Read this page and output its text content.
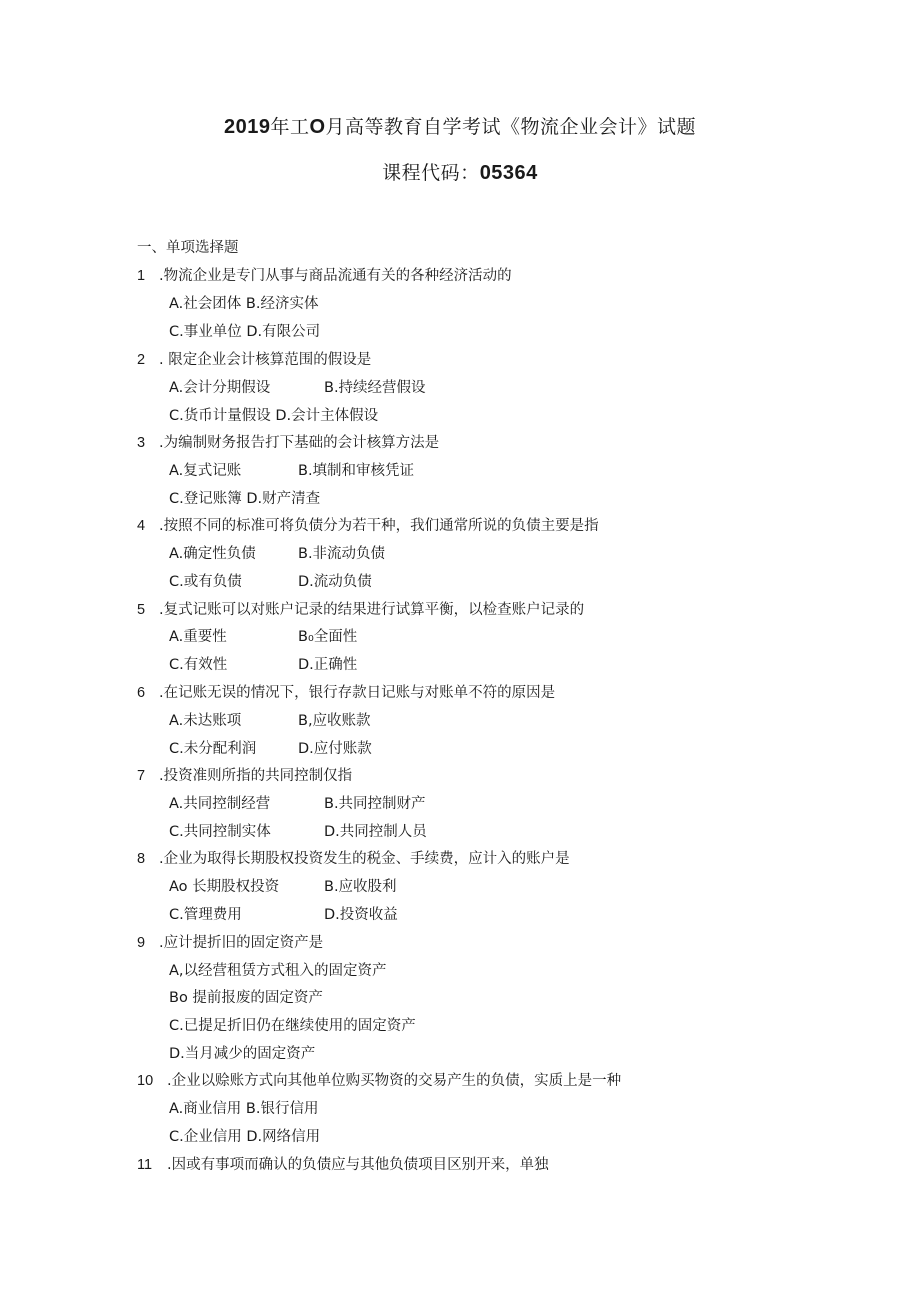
2019年工O月高等教育自学考试《物流企业会计》试题
课程代码：05364
一、单项选择题
1 .物流企业是专门从事与商品流通有关的各种经济活动的
A.社会团体 B.经济实体
C.事业单位 D.有限公司
2 . 限定企业会计核算范围的假设是
A.会计分期假设	B.持续经营假设
C.货币计量假设 D.会计主体假设
3 .为编制财务报告打下基础的会计核算方法是
A.复式记账	B.填制和审核凭证
C.登记账簿 D.财产清查
4 .按照不同的标准可将负债分为若干种，我们通常所说的负债主要是指
A.确定性负债	B.非流动负债
C.或有负债	D.流动负债
5 .复式记账可以对账户记录的结果进行试算平衡，以检查账户记录的
A.重要性	B₀全面性
C.有效性	D.正确性
6 .在记账无误的情况下，银行存款日记账与对账单不符的原因是
A.未达账项	B,应收账款
C.未分配利润	D.应付账款
7 .投资准则所指的共同控制仅指
A.共同控制经营	B.共同控制财产
C.共同控制实体	D.共同控制人员
8 .企业为取得长期股权投资发生的税金、手续费，应计入的账户是
Ao 长期股权投资	B.应收股利
C.管理费用	D.投资收益
9 .应计提折旧的固定资产是
A,以经营租赁方式租入的固定资产
Bo 提前报废的固定资产
C.已提足折旧仍在继续使用的固定资产
D.当月减少的固定资产
10 .企业以赊账方式向其他单位购买物资的交易产生的负债，实质上是一种
A.商业信用 B.银行信用
C.企业信用 D.网络信用
11 .因或有事项而确认的负债应与其他负债项目区别开来，单独
